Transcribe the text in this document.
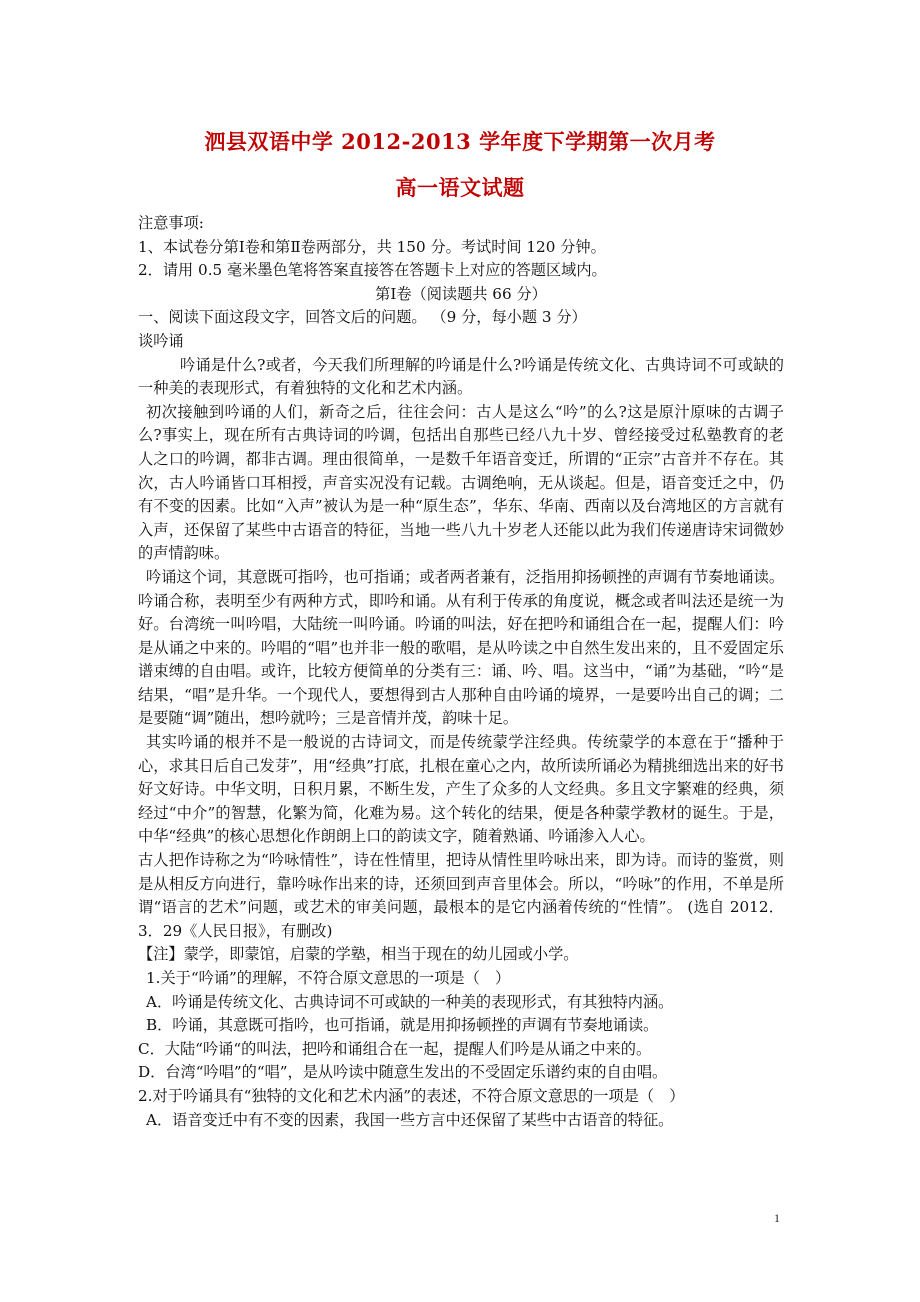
泗县双语中学 2012-2013 学年度下学期第一次月考
高一语文试题

注意事项:

1、本试卷分第Ⅰ卷和第Ⅱ卷两部分，共 150 分。考试时间 120 分钟。

2．请用 0.5 毫米墨色笔将答案直接答在答题卡上对应的答题区域内。

第Ⅰ卷（阅读题共 66 分）

一、阅读下面这段文字，回答文后的问题。 （9 分，每小题 3 分）

谈吟诵

吟诵是什么?或者，今天我们所理解的吟诵是什么?吟诵是传统文化、古典诗词不可或缺的一种美的表现形式，有着独特的文化和艺术内涵。

初次接触到吟诵的人们，新奇之后，往往会问：古人是这么“吟”的么?这是原汁原味的古调子么?事实上，现在所有古典诗词的吟调，包括出自那些已经八九十岁、曾经接受过私塾教育的老人之口的吟调，都非古调。理由很简单，一是数千年语音变迁，所谓的“正宗”古音并不存在。其次，古人吟诵皆口耳相授，声音实况没有记载。古调绝响，无从谈起。但是，语音变迁之中，仍有不变的因素。比如“入声”被认为是一种“原生态”，华东、华南、西南以及台湾地区的方言就有入声，还保留了某些中古语音的特征，当地一些八九十岁老人还能以此为我们传递唐诗宋词微妙的声情韵味。

吟诵这个词，其意既可指吟，也可指诵；或者两者兼有，泛指用抑扬顿挫的声调有节奏地诵读。吟诵合称，表明至少有两种方式，即吟和诵。从有利于传承的角度说，概念或者叫法还是统一为好。台湾统一叫吟唱，大陆统一叫吟诵。吟诵的叫法，好在把吟和诵组合在一起，提醒人们：吟是从诵之中来的。吟唱的“唱”也并非一般的歌唱，是从吟读之中自然生发出来的，且不爱固定乐谱束缚的自由唱。或许，比较方便简单的分类有三：诵、吟、唱。这当中，“诵”为基础，“吟“是结果，“唱”是升华。一个现代人，要想得到古人那种自由吟诵的境界，一是要吟出自己的调；二是要随“调”随出，想吟就吟；三是音情并茂，韵味十足。

其实吟诵的根并不是一般说的古诗词文，而是传统蒙学注经典。传统蒙学的本意在于“播种于心，求其日后自己发芽”，用“经典”打底，扎根在童心之内，故所读所诵必为精挑细选出来的好书好文好诗。中华文明，日积月累，不断生发，产生了众多的人文经典。多且文字繁难的经典，须经过“中介”的智慧，化繁为简，化难为易。这个转化的结果，便是各种蒙学教材的诞生。于是，中华“经典”的核心思想化作朗朗上口的韵读文字，随着熟诵、吟诵渗入人心。

古人把作诗称之为“吟咏情性”，诗在性情里，把诗从情性里吟咏出来，即为诗。而诗的鉴赏，则是从相反方向进行，靠吟咏作出来的诗，还须回到声音里体会。所以，“吟咏”的作用，不单是所谓“语言的艺术”问题，或艺术的审美问题，最根本的是它内涵着传统的“性情”。 (选自 2012．3．29《人民日报》，有删改)

【注】蒙学，即蒙馆，启蒙的学塾，相当于现在的幼儿园或小学。

1.关于“吟诵”的理解，不符合原文意思的一项是（　）

A．吟诵是传统文化、古典诗词不可或缺的一种美的表现形式，有其独特内涵。

B．吟诵，其意既可指吟，也可指诵，就是用抑扬顿挫的声调有节奏地诵读。

C．大陆“吟诵“的叫法，把吟和诵组合在一起，提醒人们吟是从诵之中来的。

D．台湾“吟唱”的“唱”，是从吟读中随意生发出的不受固定乐谱约束的自由唱。

2.对于吟诵具有“独特的文化和艺术内涵”的表述，不符合原文意思的一项是（　）

A．语音变迁中有不变的因素，我国一些方言中还保留了某些中古语音的特征。

1
